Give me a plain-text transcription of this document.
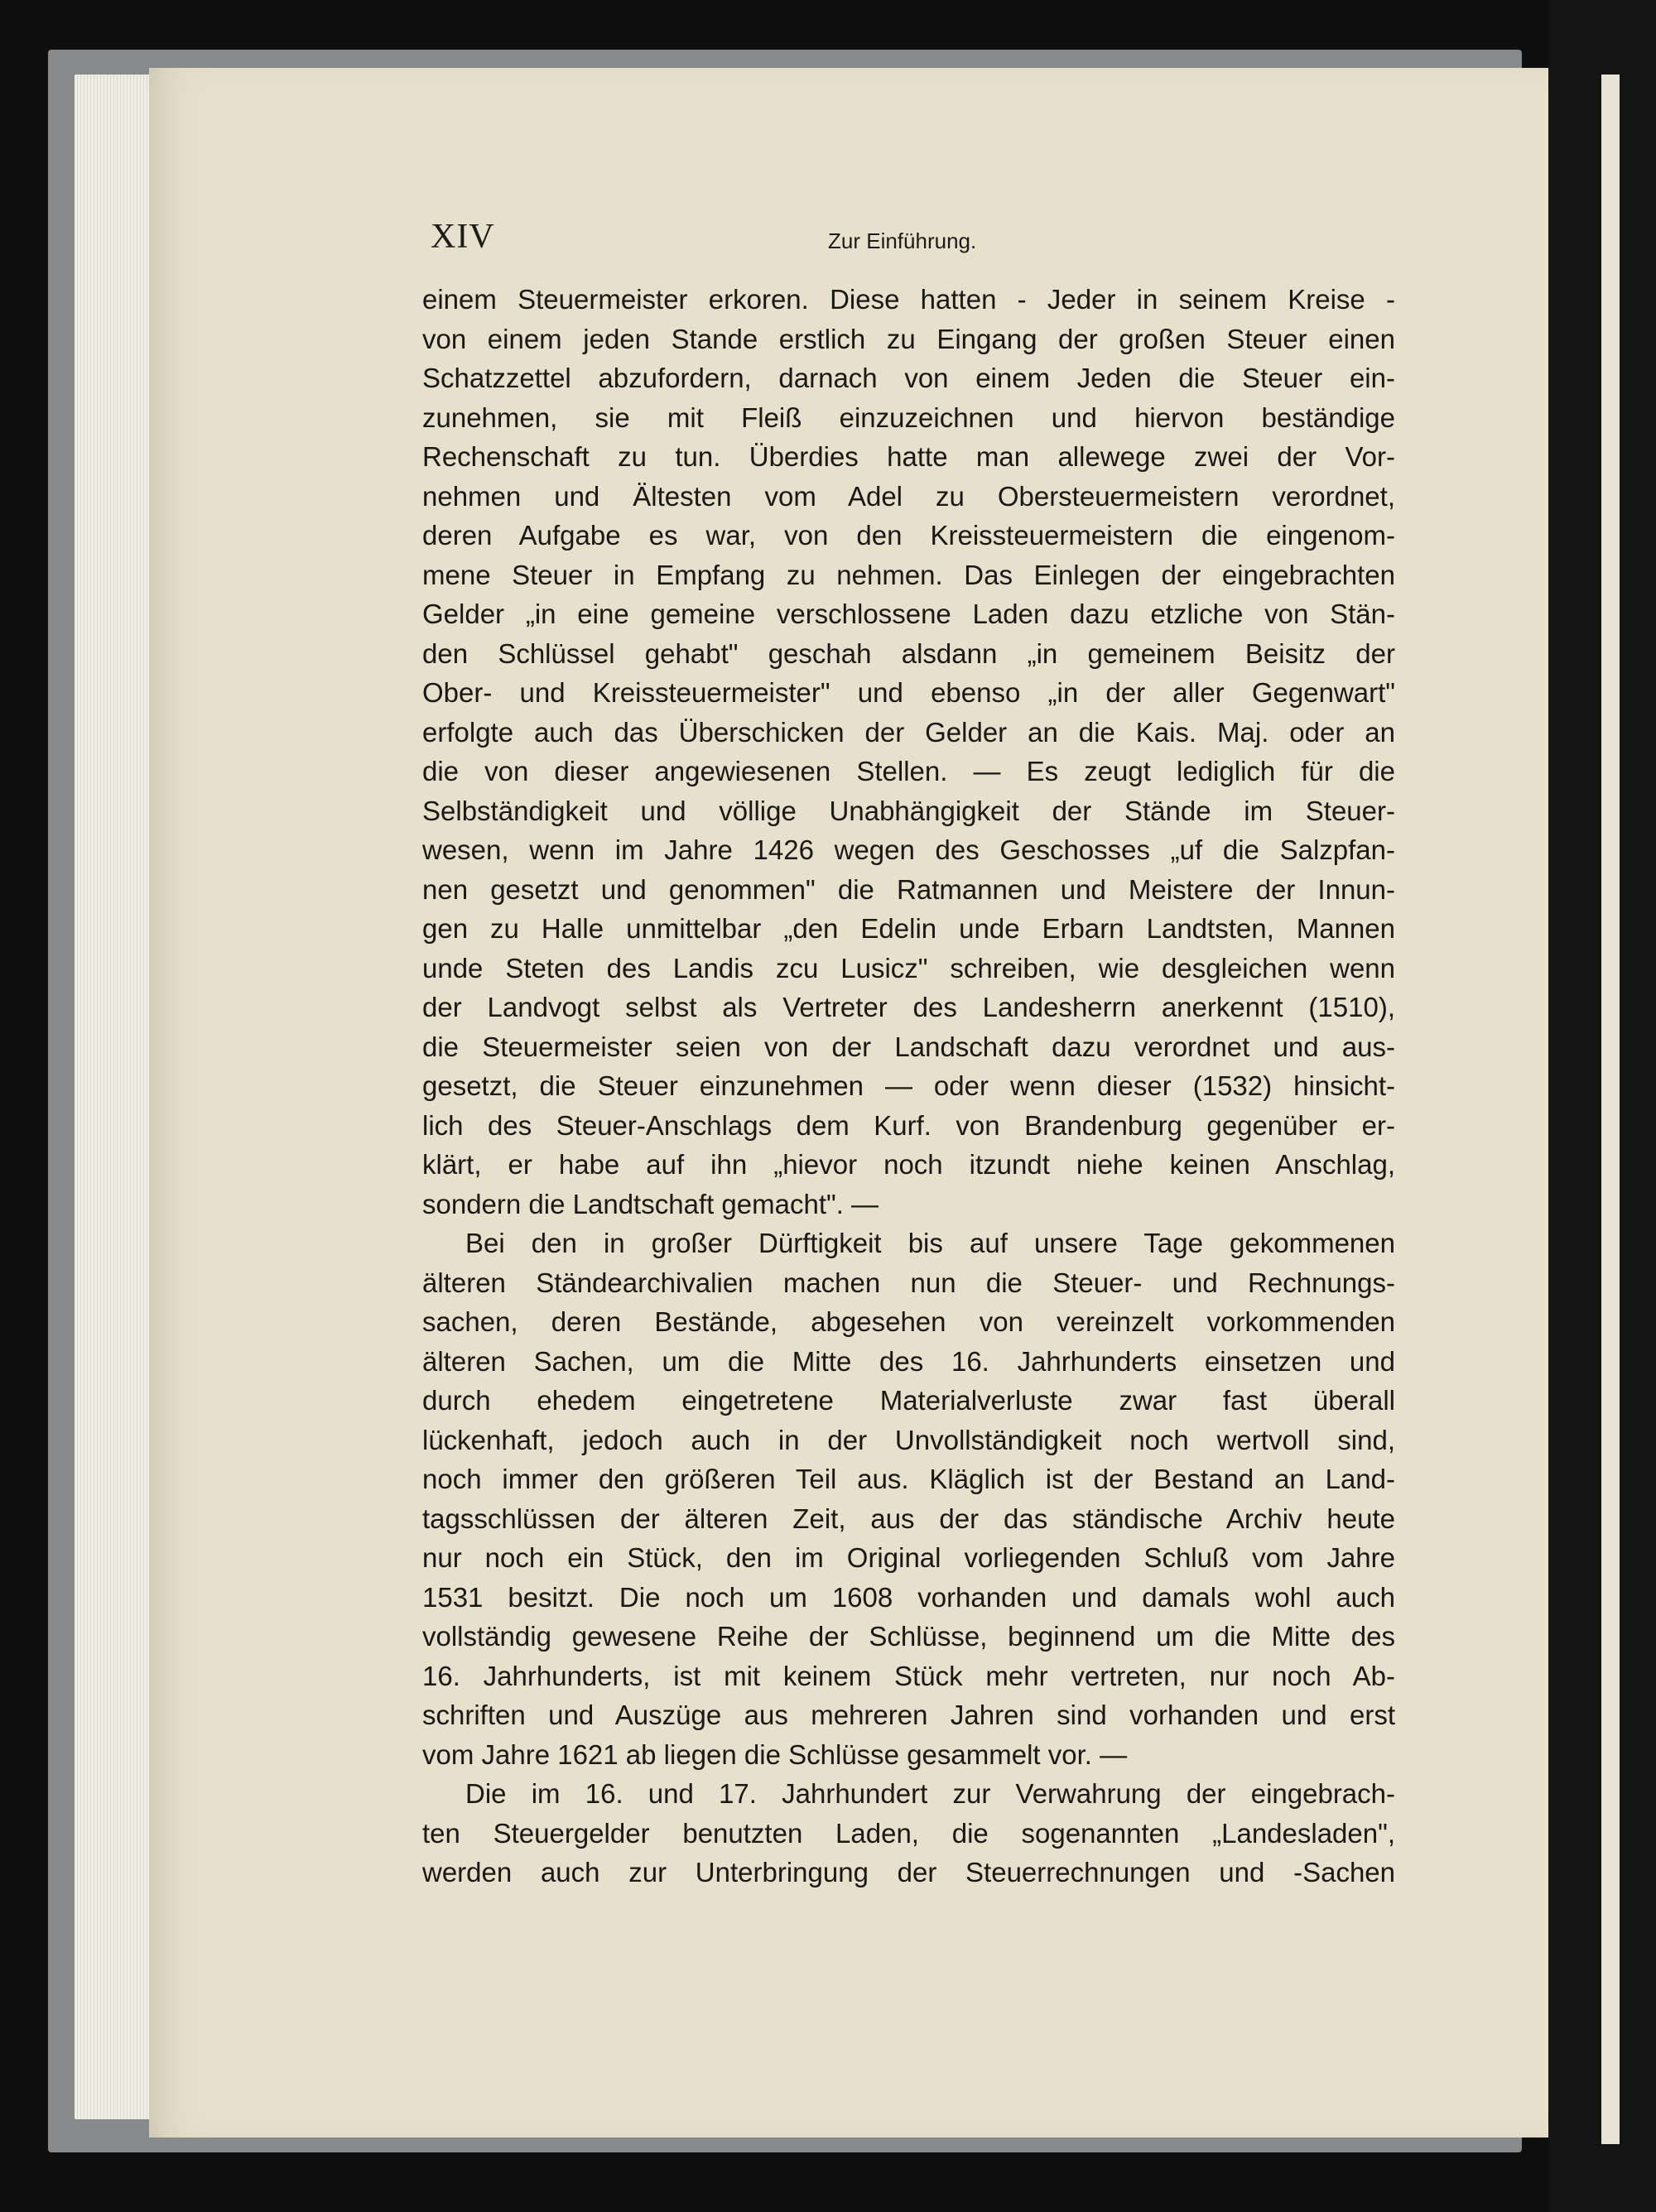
XIV	Zur Einführung.
einem Steuermeister erkoren. Diese hatten - Jeder in seinem Kreise -
von einem jeden Stande erstlich zu Eingang der großen Steuer einen
Schatzzettel abzufordern, darnach von einem Jeden die Steuer ein-
zunehmen, sie mit Fleiß einzuzeichnen und hiervon beständige
Rechenschaft zu tun. Überdies hatte man allewege zwei der Vor-
nehmen und Ältesten vom Adel zu Obersteuermeistern verordnet,
deren Aufgabe es war, von den Kreissteuermeistern die eingenom-
mene Steuer in Empfang zu nehmen. Das Einlegen der eingebrachten
Gelder „in eine gemeine verschlossene Laden dazu etzliche von Stän-
den Schlüssel gehabt" geschah alsdann „in gemeinem Beisitz der
Ober- und Kreissteuermeister" und ebenso „in der aller Gegenwart"
erfolgte auch das Überschicken der Gelder an die Kais. Maj. oder an
die von dieser angewiesenen Stellen. — Es zeugt lediglich für die
Selbständigkeit und völlige Unabhängigkeit der Stände im Steuer-
wesen, wenn im Jahre 1426 wegen des Geschosses „uf die Salzpfan-
nen gesetzt und genommen" die Ratmannen und Meistere der Innun-
gen zu Halle unmittelbar „den Edelin unde Erbarn Landtsten, Mannen
unde Steten des Landis zcu Lusicz" schreiben, wie desgleichen wenn
der Landvogt selbst als Vertreter des Landesherrn anerkennt (1510),
die Steuermeister seien von der Landschaft dazu verordnet und aus-
gesetzt, die Steuer einzunehmen — oder wenn dieser (1532) hinsicht-
lich des Steuer-Anschlags dem Kurf. von Brandenburg gegenüber er-
klärt, er habe auf ihn „hievor noch itzundt niehe keinen Anschlag,
sondern die Landtschaft gemacht". —
Bei den in großer Dürftigkeit bis auf unsere Tage gekommenen
älteren Ständearchivalien machen nun die Steuer- und Rechnungs-
sachen, deren Bestände, abgesehen von vereinzelt vorkommenden
älteren Sachen, um die Mitte des 16. Jahrhunderts einsetzen und
durch ehedem eingetretene Materialverluste zwar fast überall
lückenhaft, jedoch auch in der Unvollständigkeit noch wertvoll sind,
noch immer den größeren Teil aus. Kläglich ist der Bestand an Land-
tagsschlüssen der älteren Zeit, aus der das ständische Archiv heute
nur noch ein Stück, den im Original vorliegenden Schluß vom Jahre
1531 besitzt. Die noch um 1608 vorhanden und damals wohl auch
vollständig gewesene Reihe der Schlüsse, beginnend um die Mitte des
16. Jahrhunderts, ist mit keinem Stück mehr vertreten, nur noch Ab-
schriften und Auszüge aus mehreren Jahren sind vorhanden und erst
vom Jahre 1621 ab liegen die Schlüsse gesammelt vor. —
Die im 16. und 17. Jahrhundert zur Verwahrung der eingebrach-
ten Steuergelder benutzten Laden, die sogenannten „Landesladen",
werden auch zur Unterbringung der Steuerrechnungen und -Sachen
